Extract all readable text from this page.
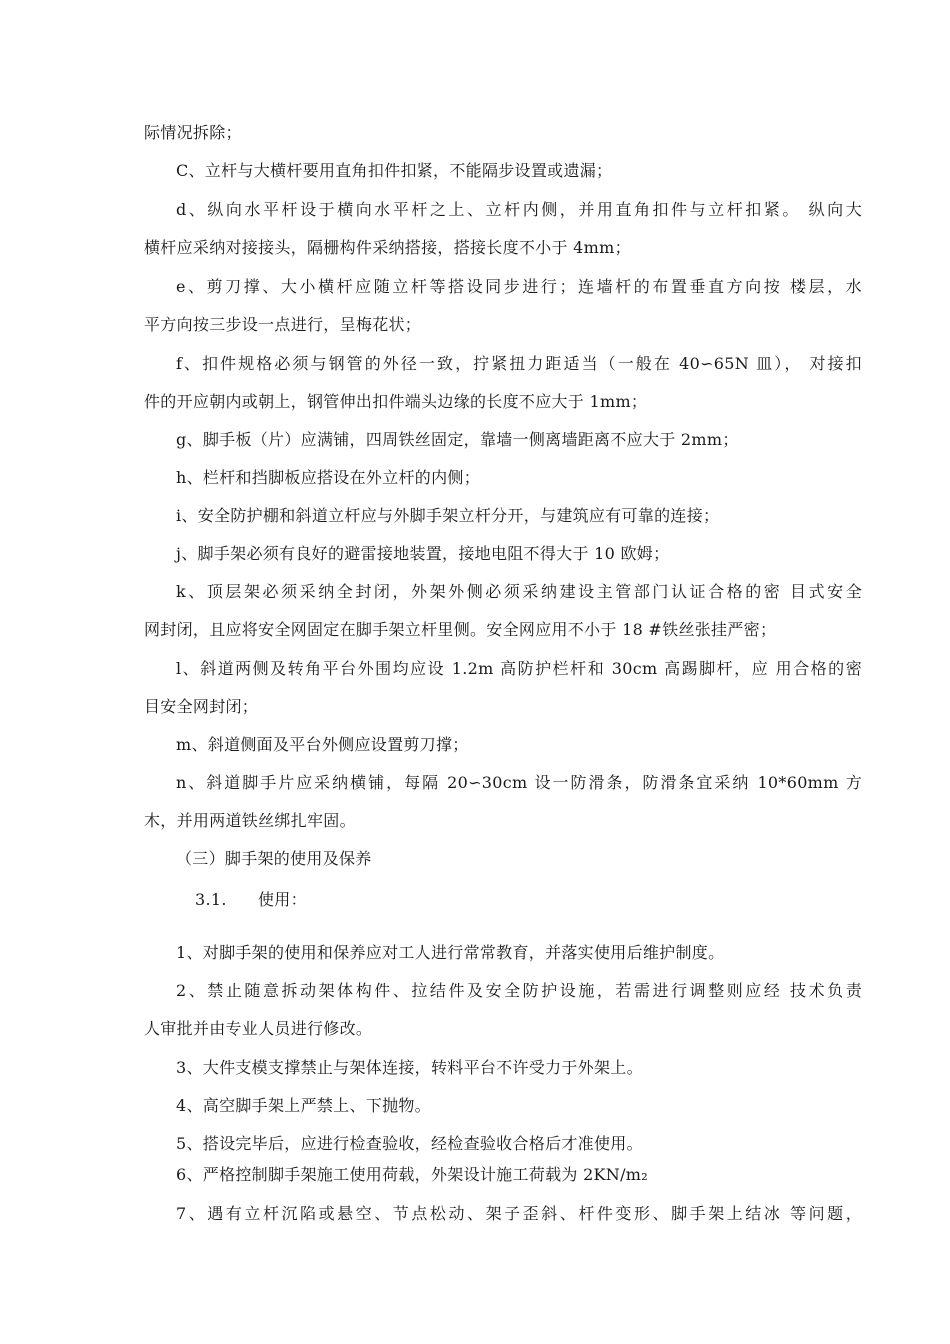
际情况拆除；
C、立杆与大横杆要用直角扣件扣紧，不能隔步设置或遗漏；
d、纵向水平杆设于横向水平杆之上、立杆内侧，并用直角扣件与立杆扣紧。 纵向大
横杆应采纳对接接头，隔栅构件采纳搭接，搭接长度不小于 4mm；
e、剪刀撑、大小横杆应随立杆等搭设同步进行；连墙杆的布置垂直方向按 楼层，水
平方向按三步设一点进行，呈梅花状；
f、扣件规格必须与钢管的外径一致，拧紧扭力距适当（一般在 40∽65N 皿）， 对接扣
件的开应朝内或朝上，钢管伸出扣件端头边缘的长度不应大于 1mm；
g、脚手板（片）应满铺，四周铁丝固定，靠墙一侧离墙距离不应大于 2mm；
h、栏杆和挡脚板应搭设在外立杆的内侧；
i、安全防护棚和斜道立杆应与外脚手架立杆分开，与建筑应有可靠的连接；
j、脚手架必须有良好的避雷接地装置，接地电阻不得大于 10 欧姆；
k、顶层架必须采纳全封闭，外架外侧必须采纳建设主管部门认证合格的密 目式安全
网封闭，且应将安全网固定在脚手架立杆里侧。安全网应用不小于 18 #铁丝张挂严密；
l、斜道两侧及转角平台外围均应设 1.2m 高防护栏杆和 30cm 高踢脚杆，应 用合格的密
目安全网封闭；
m、斜道侧面及平台外侧应设置剪刀撑；
n、斜道脚手片应采纳横铺，每隔 20∽30cm 设一防滑条，防滑条宜采纳 10*60mm 方
木，并用两道铁丝绑扎牢固。
（三）脚手架的使用及保养
3.1. 使用：
1、对脚手架的使用和保养应对工人进行常常教育，并落实使用后维护制度。
2、禁止随意拆动架体构件、拉结件及安全防护设施，若需进行调整则应经 技术负责
人审批并由专业人员进行修改。
3、大件支模支撑禁止与架体连接，转料平台不许受力于外架上。
4、高空脚手架上严禁上、下抛物。
5、搭设完毕后，应进行检查验收，经检查验收合格后才准使用。
6、严格控制脚手架施工使用荷载，外架设计施工荷载为 2KN/m₂
7、遇有立杆沉陷或悬空、节点松动、架子歪斜、杆件变形、脚手架上结冰 等问题，
